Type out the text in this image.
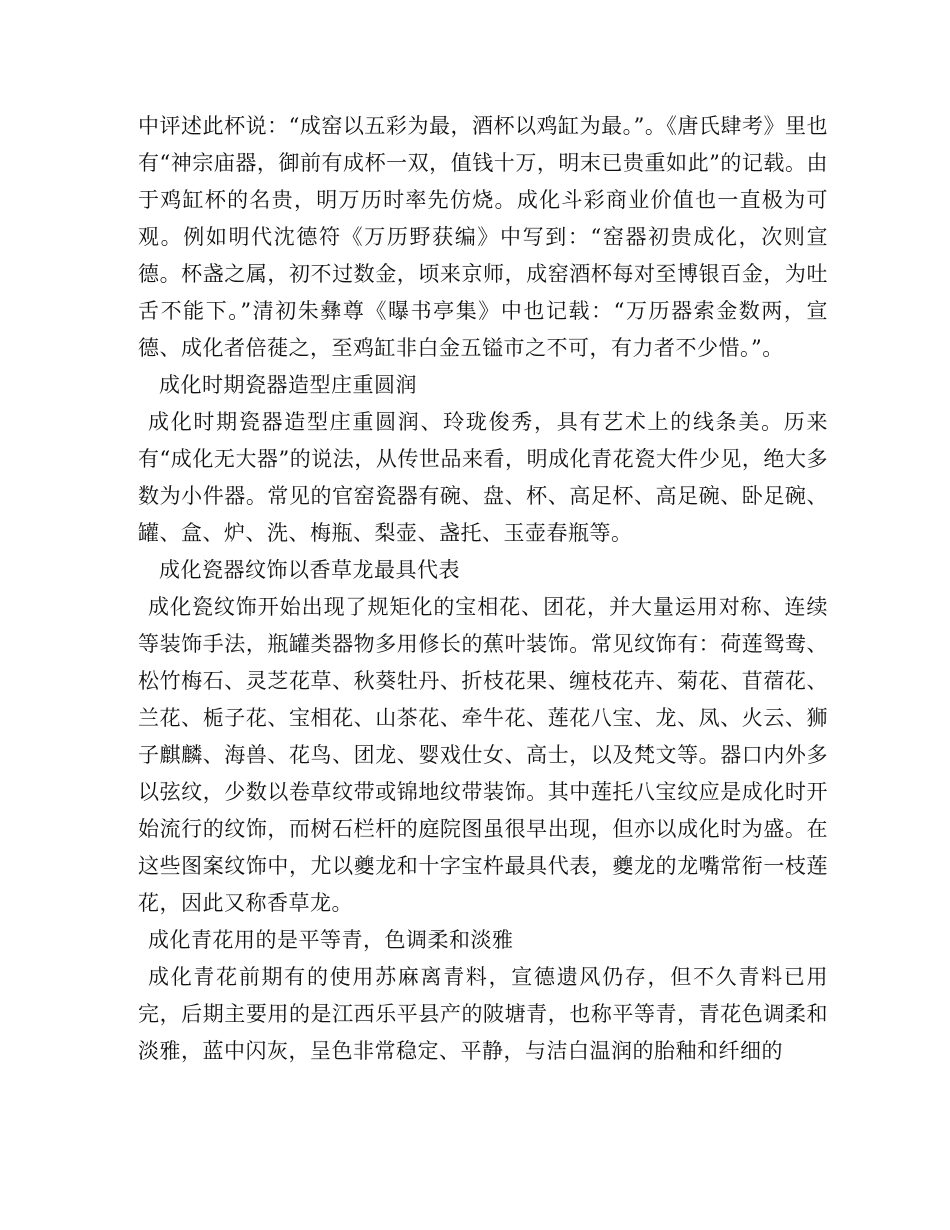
中评述此杯说：“成窑以五彩为最，酒杯以鸡缸为最。”。《唐氏肆考》里也有“神宗庙器，御前有成杯一双，值钱十万，明末已贵重如此”的记载。由于鸡缸杯的名贵，明万历时率先仿烧。成化斗彩商业价值也一直极为可观。例如明代沈德符《万历野获编》中写到：“窑器初贵成化，次则宣德。杯盏之属，初不过数金，顷来京师，成窑酒杯每对至博银百金，为吐舌不能下。”清初朱彝尊《曝书亭集》中也记载：“万历器索金数两，宣德、成化者倍蓰之，至鸡缸非白金五镒市之不可，有力者不少惜。”。

成化时期瓷器造型庄重圆润

成化时期瓷器造型庄重圆润、玲珑俊秀，具有艺术上的线条美。历来有“成化无大器”的说法，从传世品来看，明成化青花瓷大件少见，绝大多数为小件器。常见的官窑瓷器有碗、盘、杯、高足杯、高足碗、卧足碗、罐、盒、炉、洗、梅瓶、梨壶、盏托、玉壶春瓶等。

成化瓷器纹饰以香草龙最具代表

成化瓷纹饰开始出现了规矩化的宝相花、团花，并大量运用对称、连续等装饰手法，瓶罐类器物多用修长的蕉叶装饰。常见纹饰有：荷莲鸳鸯、松竹梅石、灵芝花草、秋葵牡丹、折枝花果、缠枝花卉、菊花、苜蓿花、兰花、栀子花、宝相花、山茶花、牵牛花、莲花八宝、龙、凤、火云、狮子麒麟、海兽、花鸟、团龙、婴戏仕女、高士，以及梵文等。器口内外多以弦纹，少数以卷草纹带或锦地纹带装饰。其中莲托八宝纹应是成化时开始流行的纹饰，而树石栏杆的庭院图虽很早出现，但亦以成化时为盛。在这些图案纹饰中，尤以夔龙和十字宝杵最具代表，夔龙的龙嘴常衔一枝莲花，因此又称香草龙。

成化青花用的是平等青，色调柔和淡雅

成化青花前期有的使用苏麻离青料，宣德遗风仍存，但不久青料已用完，后期主要用的是江西乐平县产的陂塘青，也称平等青，青花色调柔和淡雅，蓝中闪灰，呈色非常稳定、平静，与洁白温润的胎釉和纤细的
